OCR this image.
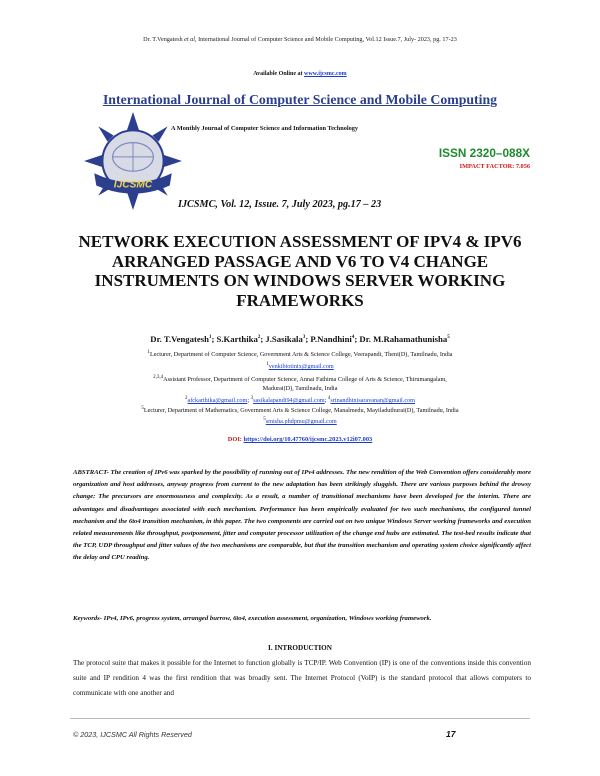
Dr. T.Vengatesh et al, International Journal of Computer Science and Mobile Computing, Vol.12 Issue.7, July- 2023, pg. 17-23
Available Online at www.ijcsmc.com
International Journal of Computer Science and Mobile Computing
A Monthly Journal of Computer Science and Information Technology
ISSN 2320–088X
IMPACT FACTOR: 7.056
IJCSMC
IJCSMC, Vol. 12, Issue. 7, July 2023, pg.17 – 23
NETWORK EXECUTION ASSESSMENT OF IPV4 & IPV6 ARRANGED PASSAGE AND V6 TO V4 CHANGE INSTRUMENTS ON WINDOWS SERVER WORKING FRAMEWORKS
Dr. T.Vengatesh$^1$; S.Karthika$^2$; J.Sasikala$^3$; P.Nandhini$^4$; Dr. M.Rahamathunisha$^5$
$^1$Lecturer, Department of Computer Science, Government Arts & Science College, Veerapandi, Theni(D), Tamilnadu, India
$^1$venkibiotinix@gmail.com
$^{2,3,4}$Assistant Professor, Department of Computer Science, Annai Fathima College of Arts & Science, Thirumangalam,
Madurai(D), Tamilnadu, India
$^2$afckarthika@gmail.com; $^3$sasikalapandi94@gmail.com; $^4$srinandhinisaravanan@gmail.com
$^5$Lecturer, Department of Mathematics, Government Arts & Science College, Manalmedu, Mayiladuthurai(D), Tamilnadu, India
$^5$smisha.phdpmu@gmail.com
DOI: https://doi.org/10.47760/ijcsmc.2023.v12i07.003
ABSTRACT- The creation of IPv6 was sparked by the possibility of running out of IPv4 addresses. The new rendition of the Web Convention offers considerably more organization and host addresses, anyway progress from current to the new adaptation has been strikingly sluggish. There are various purposes behind the drowsy change: The precursors are enormousness and complexity. As a result, a number of transitional mechanisms have been developed for the interim. There are advantages and disadvantages associated with each mechanism. Performance has been empirically evaluated for two such mechanisms, the configured tunnel mechanism and the 6to4 transition mechanism, in this paper. The two components are carried out on two unique Windows Server working frameworks and execution related measurements like throughput, postponement, jitter and computer processor utilization of the change end hubs are estimated. The test-bed results indicate that the TCP, UDP throughput and jitter values of the two mechanisms are comparable, but that the transition mechanism and operating system choice significantly affect the delay and CPU reading.
Keywords- IPv4, IPv6, progress system, arranged burrow, 6to4, execution assessment, organization, Windows working framework.
I. INTRODUCTION
The protocol suite that makes it possible for the Internet to function globally is TCP/IP. Web Convention (IP) is one of the conventions inside this convention suite and IP rendition 4 was the first rendition that was broadly sent. The Internet Protocol (VoIP) is the standard protocol that allows computers to communicate with one another and
© 2023, IJCSMC All Rights Reserved	17
